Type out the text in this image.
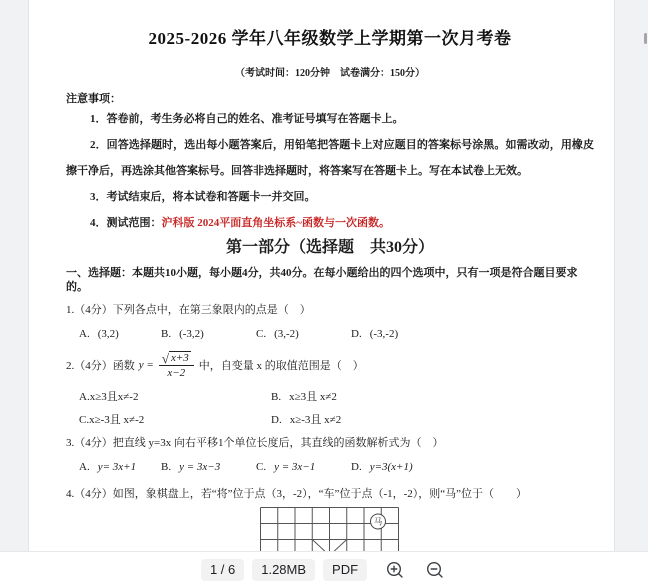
2025-2026 学年八年级数学上学期第一次月考卷
（考试时间：120分钟　试卷满分：150分）
注意事项：

1．答卷前，考生务必将自己的姓名、准考证号填写在答题卡上。

2．回答选择题时，选出每小题答案后，用铅笔把答题卡上对应题目的答案标号涂黑。如需改动，用橡皮擦干净后，再选涂其他答案标号。回答非选择题时，将答案写在答题卡上。写在本试卷上无效。

3．考试结束后，将本试卷和答题卡一并交回。

4．测试范围：沪科版 2024平面直角坐标系~函数与一次函数。

第一部分（选择题　共30分）

一、选择题：本题共10小题，每小题4分，共40分。在每小题给出的四个选项中，只有一项是符合题目要求的。

1.（4分）下列各点中，在第三象限内的点是（　）

A. (3,2)	B. (-3,2)	C. (3,-2)	D. (-3,-2)
2.（4分）函数 $y = \frac{√ x+3}{x-2}$ 中，自变量 x 的取值范围是（　）
A. x≥3且x≠-2	B. x≥3且 x≠2
C. x≥-3且 x≠-2	D. x≥-3且 x≠2

3.（4分）把直线 y=3x 向右平移1个单位长度后，其直线的函数解析式为（　）

A. y= 3x+1 B. y = 3x−3	C. y = 3x−1	D. y=3(x+1)

4.（4分）如图，象棋盘上，若“将”位于点（3，-2），“车”位于点（-1，-2），则“马”位于（　　）

马
1 / 6	1.28MB	PDF
